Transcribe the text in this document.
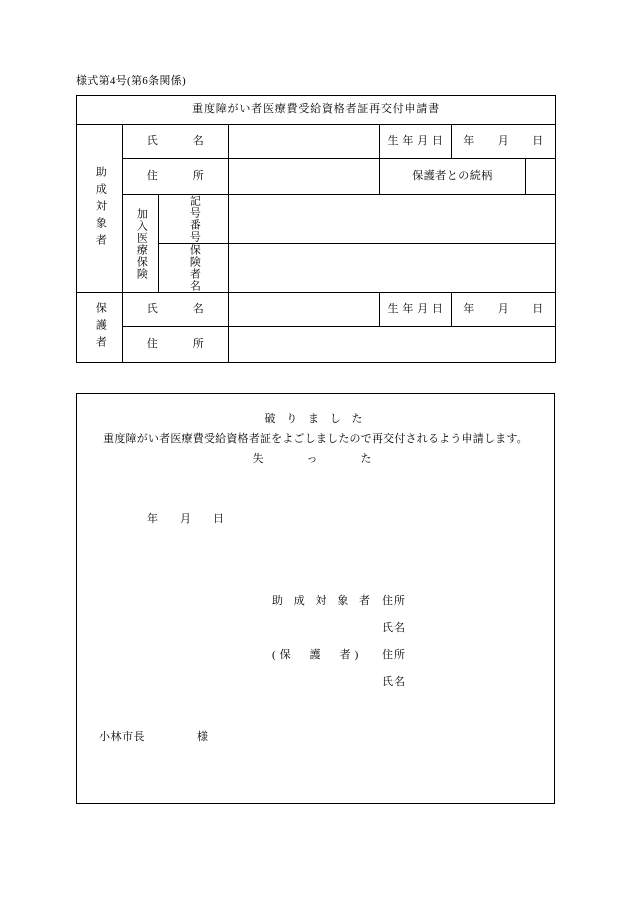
様式第4号(第6条関係)
重度障がい者医療費受給資格者証再交付申請書						
助成対象者	氏　　　名			生 年 月 日	年　　月　　日	
	住　　　所			保護者との続柄		
	加入医療保険	記号番号				
		保険者名				
保護者	氏　　　名			生 年 月 日	年　　月　　日	
	住　　　所					
破 り ま し た
重度障がい者医療費受給資格者証をよごしましたので再交付されるよう申請します。
失　　っ　　た
年　　月　　日
助 成 対 象 者 住所
氏名
(保　護　者)	住所
氏名
小林市長	様
